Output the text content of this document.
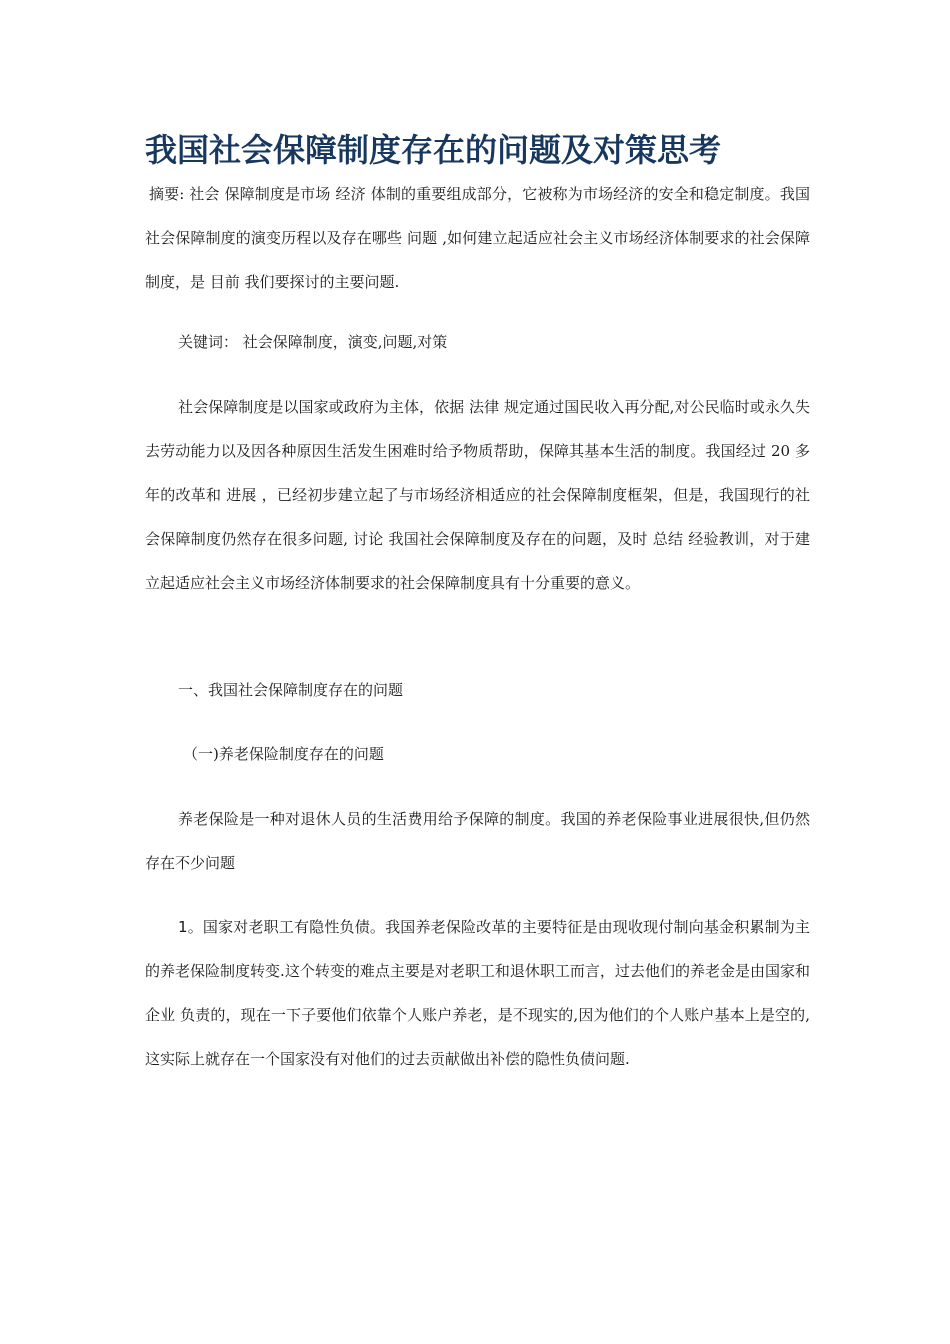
我国社会保障制度存在的问题及对策思考

摘要: 社会 保障制度是市场 经济 体制的重要组成部分，它被称为市场经济的安全和稳定制度。我国社会保障制度的演变历程以及存在哪些 问题 ,如何建立起适应社会主义市场经济体制要求的社会保障制度，是 目前 我们要探讨的主要问题.

关键词： 社会保障制度，演变,问题,对策

社会保障制度是以国家或政府为主体，依据 法律 规定通过国民收入再分配,对公民临时或永久失去劳动能力以及因各种原因生活发生困难时给予物质帮助，保障其基本生活的制度。我国经过 20 多年的改革和 进展 ，已经初步建立起了与市场经济相适应的社会保障制度框架，但是，我国现行的社会保障制度仍然存在很多问题, 讨论 我国社会保障制度及存在的问题，及时 总结 经验教训，对于建立起适应社会主义市场经济体制要求的社会保障制度具有十分重要的意义。

一、我国社会保障制度存在的问题

（一)养老保险制度存在的问题

养老保险是一种对退休人员的生活费用给予保障的制度。我国的养老保险事业进展很快,但仍然存在不少问题

1。国家对老职工有隐性负债。我国养老保险改革的主要特征是由现收现付制向基金积累制为主的养老保险制度转变.这个转变的难点主要是对老职工和退休职工而言，过去他们的养老金是由国家和 企业 负责的，现在一下子要他们依靠个人账户养老，是不现实的,因为他们的个人账户基本上是空的,这实际上就存在一个国家没有对他们的过去贡献做出补偿的隐性负债问题.
